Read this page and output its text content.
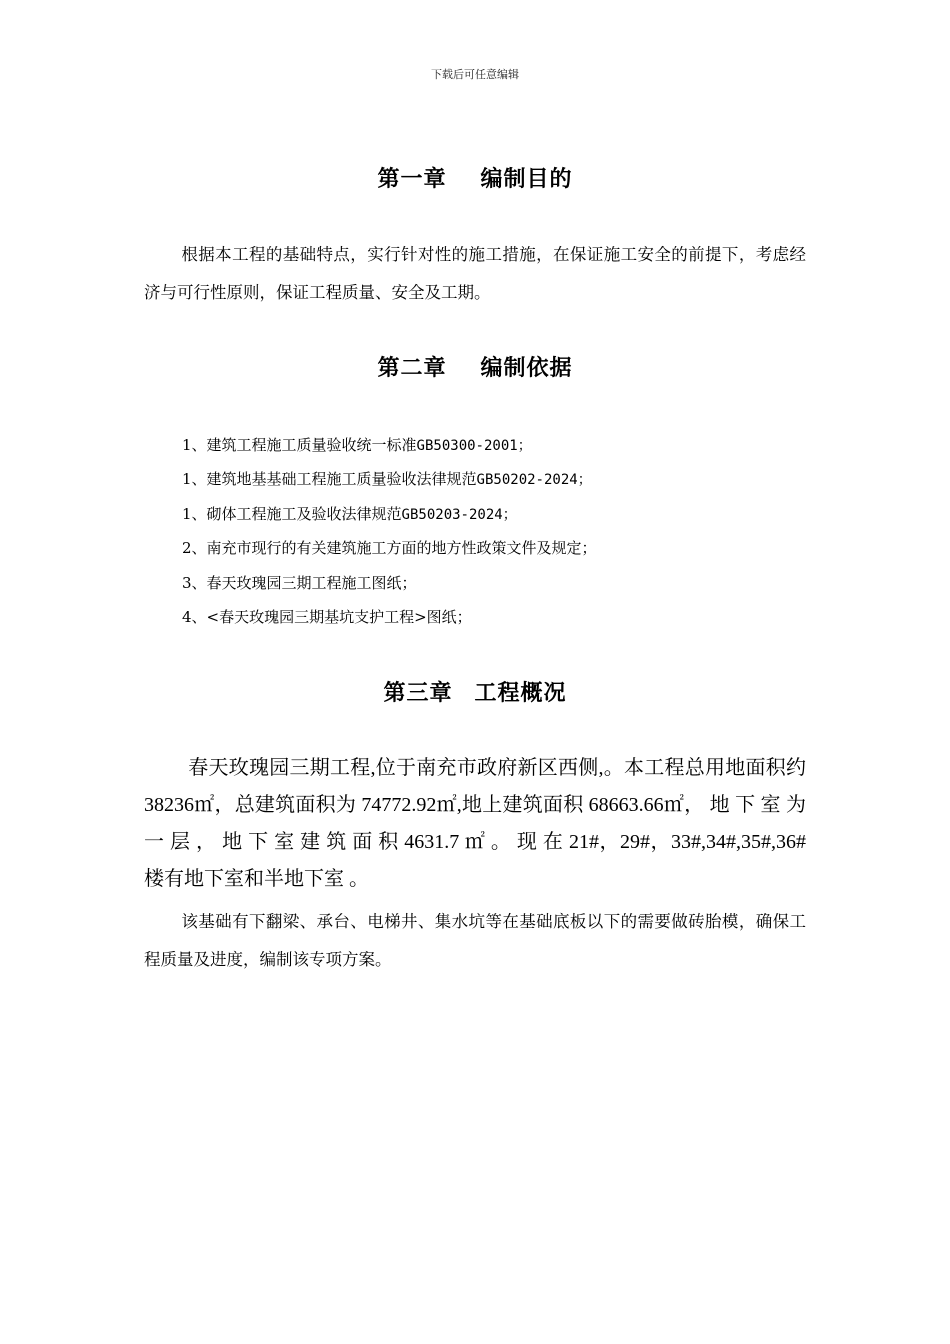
下载后可任意编辑
第一章 编制目的
根据本工程的基础特点，实行针对性的施工措施，在保证施工安全的前提下，考虑经济与可行性原则，保证工程质量、安全及工期。
第二章 编制依据
1、建筑工程施工质量验收统一标准GB50300-2001；
1、建筑地基基础工程施工质量验收法律规范GB50202-2024；
1、砌体工程施工及验收法律规范GB50203-2024；
2、南充市现行的有关建筑施工方面的地方性政策文件及规定；
3、春天玫瑰园三期工程施工图纸；
4、<春天玫瑰园三期基坑支护工程>图纸；
第三章 工程概况
春天玫瑰园三期工程,位于南充市政府新区西侧,。本工程总用地面积约 38236㎡，总建筑面积为 74772.92㎡,地上建筑面积 68663.66㎡， 地 下 室 为 一 层 ， 地 下 室 建 筑 面 积 4631.7 ㎡ 。 现 在 21#，29#，33#,34#,35#,36#楼有地下室和半地下室 。
该基础有下翻梁、承台、电梯井、集水坑等在基础底板以下的需要做砖胎模，确保工程质量及进度，编制该专项方案。
